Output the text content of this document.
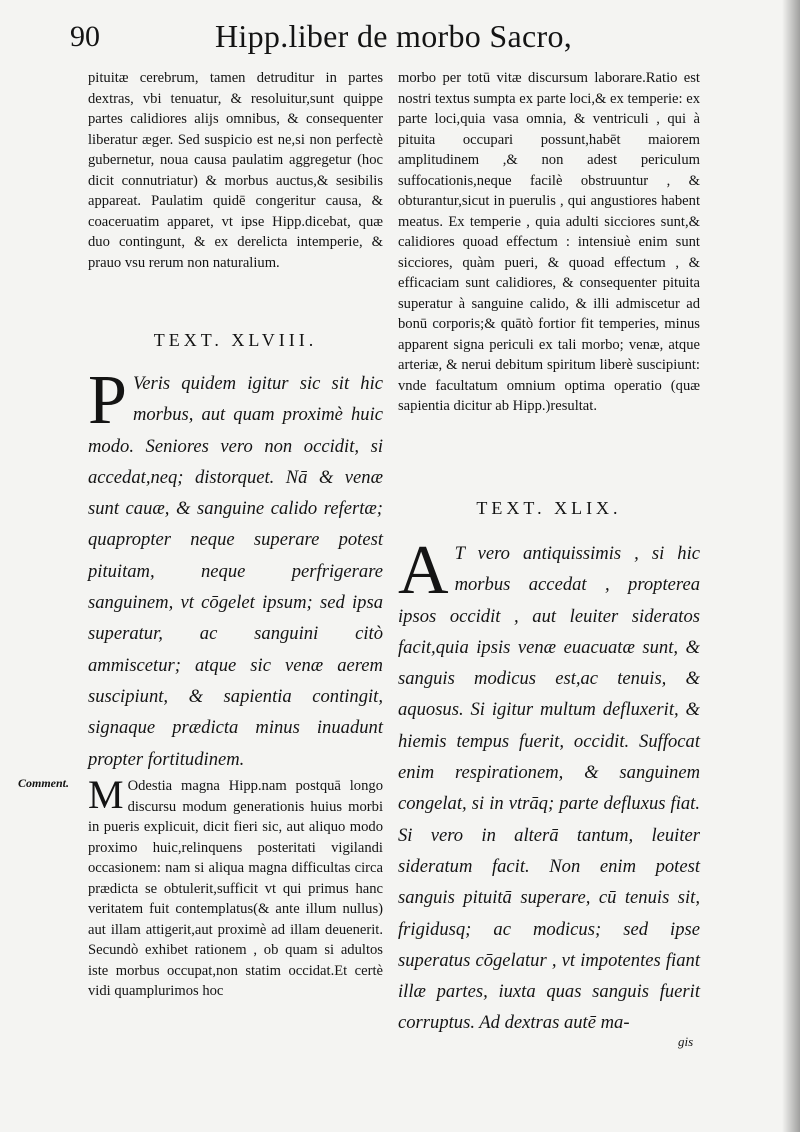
90	Hipp.liber de morbo Sacro,

pituitæ cerebrum, tamen detruditur in partes dextras, vbi tenuatur, & resoluitur,sunt quippe partes calidiores alijs omnibus, & consequenter liberatur æger. Sed suspicio est ne,si non perfectè gubernetur, noua causa paulatim aggregetur (hoc dicit connutriatur) & morbus auctus,& sesibilis appareat. Paulatim quidē congeritur causa, & coaceruatim apparet, vt ipse Hipp.dicebat, quæ duo contingunt, & ex derelicta intemperie, & prauo vsu rerum non naturalium.

TEXT. XLVIII.
P Veris quidem igitur sic sit hic morbus, aut quam proximè huic modo. Seniores vero non occidit, si accedat,neq; distorquet. Nā & venæ sunt cauæ, & sanguine calido refertæ; quapropter neque superare potest pituitam, neque perfrigerare sanguinem, vt cōgelet ipsum; sed ipsa superatur, ac sanguini citò ammiscetur; atque sic venæ aerem suscipiunt, & sapientia contingit, signaque prædicta minus inuadunt propter fortitudinem.

Comment. M Odestia magna Hipp.nam postquā longo discursu modum generationis huius morbi in pueris explicuit, dicit fieri sic, aut aliquo modo proximo huic,relinquens posteritati vigilandi occasionem: nam si aliqua magna difficultas circa prædicta se obtulerit,sufficit vt qui primus hanc veritatem fuit contemplatus(& ante illum nullus) aut illam attigerit,aut proximè ad illam deuenerit. Secundò exhibet rationem , ob quam si adultos iste morbus occupat,non statim occidat.Et certè vidi quamplurimos hoc

morbo per totū vitæ discursum laborare.Ratio est nostri textus sumpta ex parte loci,& ex temperie: ex parte loci,quia vasa omnia, & ventriculi , qui à pituita occupari possunt,habēt maiorem amplitudinem ,& non adest periculum suffocationis,neque facilè obstruuntur , & obturantur,sicut in puerulis , qui angustiores habent meatus. Ex temperie , quia adulti sicciores sunt,& calidiores quoad effectum : intensiuè enim sunt sicciores, quàm pueri, & quoad effectum , & efficaciam sunt calidiores, & consequenter pituita superatur à sanguine calido, & illi admiscetur ad bonū corporis;& quātò fortior fit temperies, minus apparent signa periculi ex tali morbo; venæ, atque arteriæ, & nerui debitum spiritum liberè suscipiunt: vnde facultatum omnium optima operatio (quæ sapientia dicitur ab Hipp.)resultat.

TEXT. XLIX.
A T vero antiquissimis , si hic morbus accedat , propterea ipsos occidit , aut leuiter sideratos facit,quia ipsis venæ euacuatæ sunt, & sanguis modicus est,ac tenuis, & aquosus. Si igitur multum defluxerit, & hiemis tempus fuerit, occidit. Suffocat enim respirationem, & sanguinem congelat, si in vtrāq; parte defluxus fiat. Si vero in alterā tantum, leuiter sideratum facit. Non enim potest sanguis pituitā superare, cū tenuis sit, frigidusq; ac modicus; sed ipse superatus cōgelatur , vt impotentes fiant illæ partes, iuxta quas sanguis fuerit corruptus. Ad dextras autē ma-

gis
